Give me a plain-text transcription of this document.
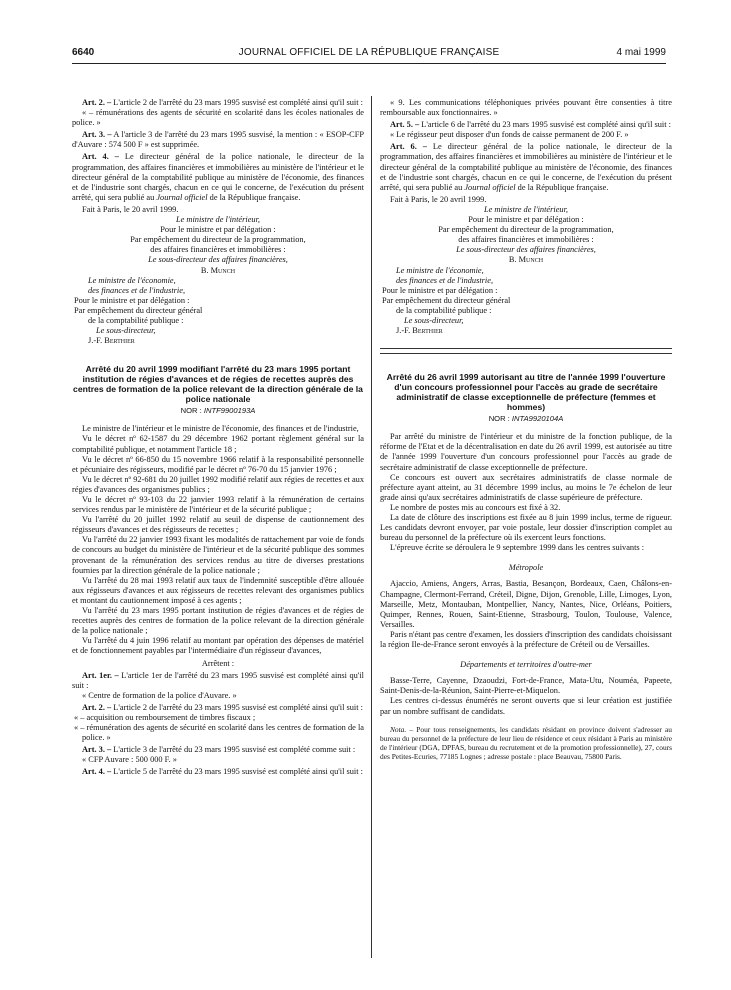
6640	JOURNAL OFFICIEL DE LA RÉPUBLIQUE FRANÇAISE	4 mai 1999

Art. 2. – L'article 2 de l'arrêté du 23 mars 1995 susvisé est complété ainsi qu'il suit :

« – rémunérations des agents de sécurité en scolarité dans les écoles nationales de police. »

Art. 3. – A l'article 3 de l'arrêté du 23 mars 1995 susvisé, la mention : « ESOP-CFP d'Auvare : 574 500 F » est supprimée.

Art. 4. – Le directeur général de la police nationale, le directeur de la programmation, des affaires financières et immobilières au ministère de l'intérieur et le directeur général de la comptabilité publique au ministère de l'économie, des finances et de l'industrie sont chargés, chacun en ce qui le concerne, de l'exécution du présent arrêté, qui sera publié au Journal officiel de la République française.

Fait à Paris, le 20 avril 1999.

Le ministre de l'intérieur,
Pour le ministre et par délégation :
Par empêchement du directeur de la programmation,
des affaires financières et immobilières :
Le sous-directeur des affaires financières,
B. Munch
Le ministre de l'économie,
des finances et de l'industrie,
Pour le ministre et par délégation :
Par empêchement du directeur général
de la comptabilité publique :
Le sous-directeur,
J.-F. Berthier
Arrêté du 20 avril 1999 modifiant l'arrêté du 23 mars 1995 portant institution de régies d'avances et de régies de recettes auprès des centres de formation de la police relevant de la direction générale de la police nationale
NOR : INTF9900193A

Le ministre de l'intérieur et le ministre de l'économie, des finances et de l'industrie,

Vu le décret nº 62-1587 du 29 décembre 1962 portant règlement général sur la comptabilité publique, et notamment l'article 18 ;

Vu le décret nº 66-850 du 15 novembre 1966 relatif à la responsabilité personnelle et pécuniaire des régisseurs, modifié par le décret nº 76-70 du 15 janvier 1976 ;

Vu le décret nº 92-681 du 20 juillet 1992 modifié relatif aux régies de recettes et aux régies d'avances des organismes publics ;

Vu le décret nº 93-103 du 22 janvier 1993 relatif à la rémunération de certains services rendus par le ministère de l'intérieur et de la sécurité publique ;

Vu l'arrêté du 20 juillet 1992 relatif au seuil de dispense de cautionnement des régisseurs d'avances et des régisseurs de recettes ;

Vu l'arrêté du 22 janvier 1993 fixant les modalités de rattachement par voie de fonds de concours au budget du ministère de l'intérieur et de la sécurité publique des sommes provenant de la rémunération des services rendus au titre de diverses prestations fournies par la direction générale de la police nationale ;

Vu l'arrêté du 28 mai 1993 relatif aux taux de l'indemnité susceptible d'être allouée aux régisseurs d'avances et aux régisseurs de recettes relevant des organismes publics et montant du cautionnement imposé à ces agents ;

Vu l'arrêté du 23 mars 1995 portant institution de régies d'avances et de régies de recettes auprès des centres de formation de la police relevant de la direction générale de la police nationale ;

Vu l'arrêté du 4 juin 1996 relatif au montant par opération des dépenses de matériel et de fonctionnement payables par l'intermédiaire d'un régisseur d'avances,

Arrêtent :

Art. 1er. – L'article 1er de l'arrêté du 23 mars 1995 susvisé est complété ainsi qu'il suit :

« Centre de formation de la police d'Auvare. »

Art. 2. – L'article 2 de l'arrêté du 23 mars 1995 susvisé est complété ainsi qu'il suit :

« – acquisition ou remboursement de timbres fiscaux ;

« – rémunération des agents de sécurité en scolarité dans les centres de formation de la police. »

Art. 3. – L'article 3 de l'arrêté du 23 mars 1995 susvisé est complété comme suit :

« CFP Auvare : 500 000 F. »

Art. 4. – L'article 5 de l'arrêté du 23 mars 1995 susvisé est complété ainsi qu'il suit :

« 9. Les communications téléphoniques privées pouvant être consenties à titre remboursable aux fonctionnaires. »

Art. 5. – L'article 6 de l'arrêté du 23 mars 1995 susvisé est complété ainsi qu'il suit :

« Le régisseur peut disposer d'un fonds de caisse permanent de 200 F. »

Art. 6. – Le directeur général de la police nationale, le directeur de la programmation, des affaires financières et immobilières au ministère de l'intérieur et le directeur général de la comptabilité publique au ministère de l'économie, des finances et de l'industrie sont chargés, chacun en ce qui le concerne, de l'exécution du présent arrêté, qui sera publié au Journal officiel de la République française.

Fait à Paris, le 20 avril 1999.

Le ministre de l'intérieur,
Pour le ministre et par délégation :
Par empêchement du directeur de la programmation,
des affaires financières et immobilières :
Le sous-directeur des affaires financières,
B. Munch
Le ministre de l'économie,
des finances et de l'industrie,
Pour le ministre et par délégation :
Par empêchement du directeur général
de la comptabilité publique :
Le sous-directeur,
J.-F. Berthier
Arrêté du 26 avril 1999 autorisant au titre de l'année 1999 l'ouverture d'un concours professionnel pour l'accès au grade de secrétaire administratif de classe exceptionnelle de préfecture (femmes et hommes)
NOR : INTA9920104A

Par arrêté du ministre de l'intérieur et du ministre de la fonction publique, de la réforme de l'Etat et de la décentralisation en date du 26 avril 1999, est autorisée au titre de l'année 1999 l'ouverture d'un concours professionnel pour l'accès au grade de secrétaire administratif de classe exceptionnelle de préfecture.

Ce concours est ouvert aux secrétaires administratifs de classe normale de préfecture ayant atteint, au 31 décembre 1999 inclus, au moins le 7e échelon de leur grade ainsi qu'aux secrétaires administratifs de classe supérieure de préfecture.

Le nombre de postes mis au concours est fixé à 32.

La date de clôture des inscriptions est fixée au 8 juin 1999 inclus, terme de rigueur. Les candidats devront envoyer, par voie postale, leur dossier d'inscription complet au bureau du personnel de la préfecture où ils exercent leurs fonctions.

L'épreuve écrite se déroulera le 9 septembre 1999 dans les centres suivants :

Métropole

Ajaccio, Amiens, Angers, Arras, Bastia, Besançon, Bordeaux, Caen, Châlons-en-Champagne, Clermont-Ferrand, Créteil, Digne, Dijon, Grenoble, Lille, Limoges, Lyon, Marseille, Metz, Montauban, Montpellier, Nancy, Nantes, Nice, Orléans, Poitiers, Quimper, Rennes, Rouen, Saint-Etienne, Strasbourg, Toulon, Toulouse, Valence, Versailles.

Paris n'étant pas centre d'examen, les dossiers d'inscription des candidats choisissant la région Ile-de-France seront envoyés à la préfecture de Créteil ou de Versailles.

Départements et territoires d'outre-mer

Basse-Terre, Cayenne, Dzaoudzi, Fort-de-France, Mata-Utu, Nouméa, Papeete, Saint-Denis-de-la-Réunion, Saint-Pierre-et-Miquelon.

Les centres ci-dessus énumérés ne seront ouverts que si leur création est justifiée par un nombre suffisant de candidats.

Nota. – Pour tous renseignements, les candidats résidant en province doivent s'adresser au bureau du personnel de la préfecture de leur lieu de résidence et ceux résidant à Paris au ministère de l'intérieur (DGA, DPFAS, bureau du recrutement et de la promotion professionnelle), 27, cours des Petites-Ecuries, 77185 Lognes ; adresse postale : place Beauvau, 75800 Paris.
